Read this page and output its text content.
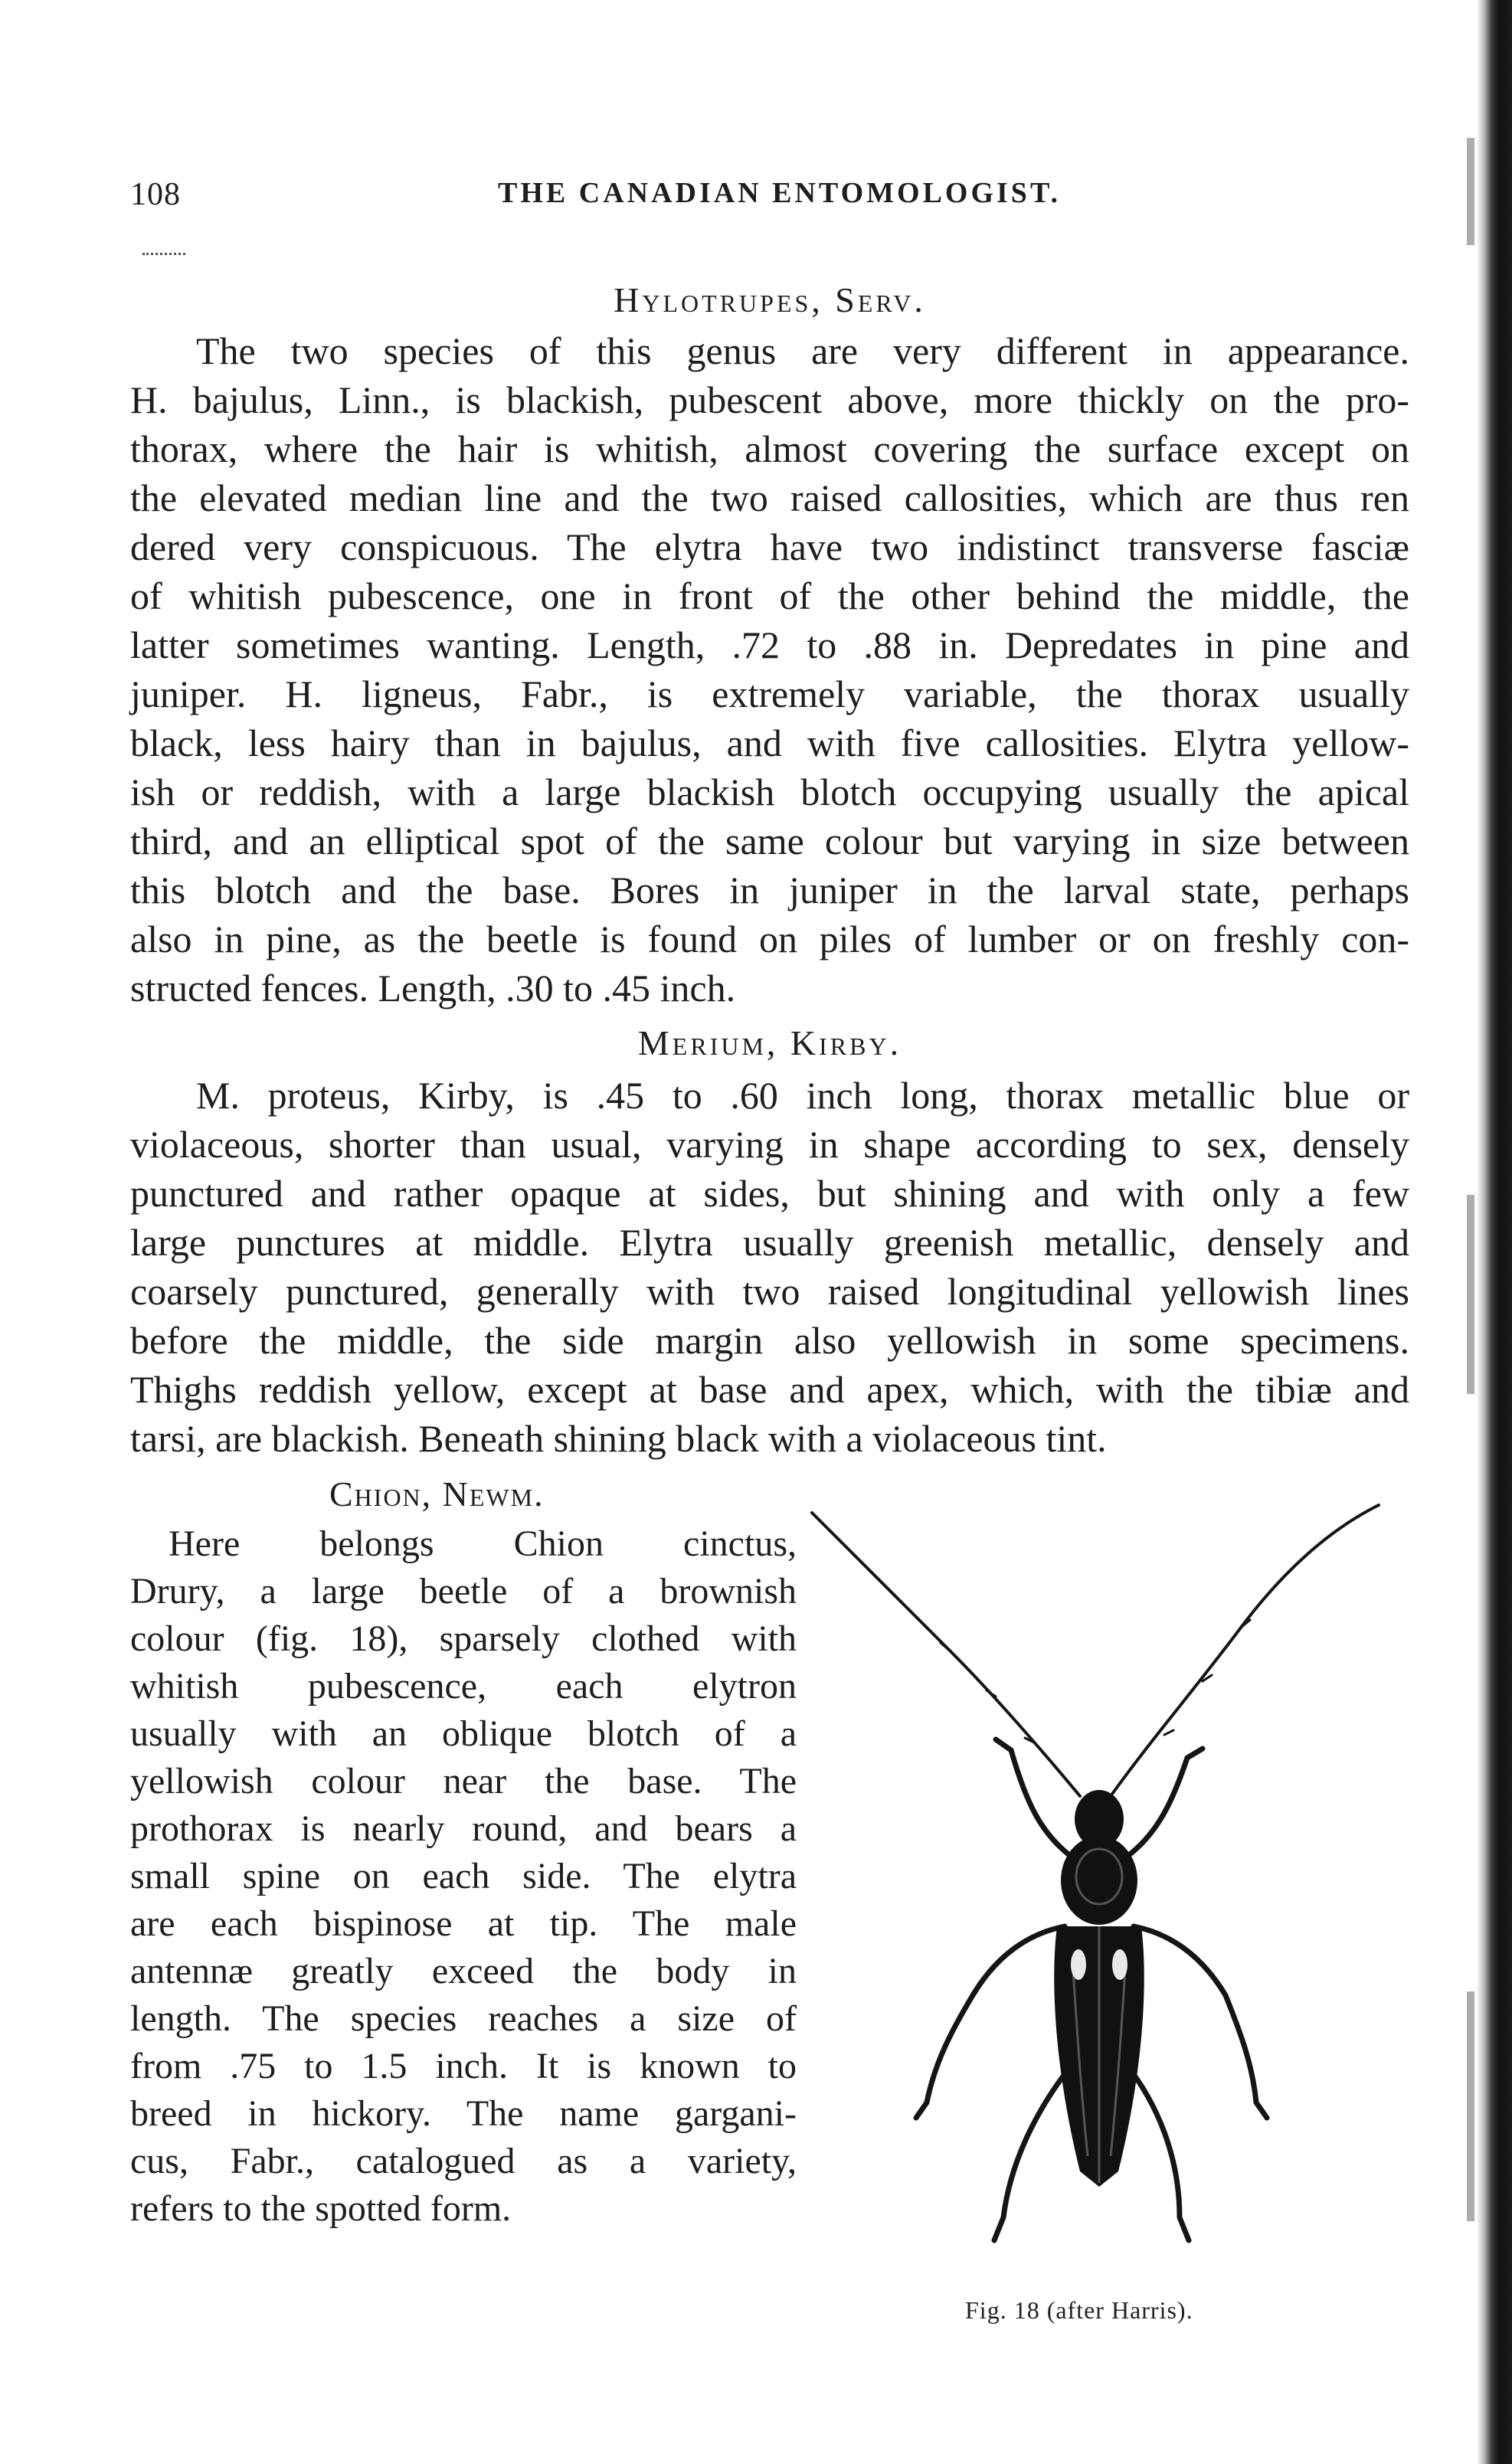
108	THE CANADIAN ENTOMOLOGIST.
Hylotrupes, Serv.
The two species of this genus are very different in appearance.
H. bajulus, Linn., is blackish, pubescent above, more thickly on the pro-
thorax, where the hair is whitish, almost covering the surface except on
the elevated median line and the two raised callosities, which are thus ren
dered very conspicuous. The elytra have two indistinct transverse fasciæ
of whitish pubescence, one in front of the other behind the middle, the
latter sometimes wanting. Length, .72 to .88 in. Depredates in pine and
juniper. H. ligneus, Fabr., is extremely variable, the thorax usually
black, less hairy than in bajulus, and with five callosities. Elytra yellow-
ish or reddish, with a large blackish blotch occupying usually the apical
third, and an elliptical spot of the same colour but varying in size between
this blotch and the base. Bores in juniper in the larval state, perhaps
also in pine, as the beetle is found on piles of lumber or on freshly con-
structed fences. Length, .30 to .45 inch.
Merium, Kirby.
M. proteus, Kirby, is .45 to .60 inch long, thorax metallic blue or
violaceous, shorter than usual, varying in shape according to sex, densely
punctured and rather opaque at sides, but shining and with only a few
large punctures at middle. Elytra usually greenish metallic, densely and
coarsely punctured, generally with two raised longitudinal yellowish lines
before the middle, the side margin also yellowish in some specimens.
Thighs reddish yellow, except at base and apex, which, with the tibiæ and
tarsi, are blackish. Beneath shining black with a violaceous tint.
Chion, Newm.
Here belongs Chion cinctus,
Drury, a large beetle of a brownish
colour (fig. 18), sparsely clothed with
whitish pubescence, each elytron
usually with an oblique blotch of a
yellowish colour near the base. The
prothorax is nearly round, and bears a
small spine on each side. The elytra
are each bispinose at tip. The male
antennæ greatly exceed the body in
length. The species reaches a size of
from .75 to 1.5 inch. It is known to
breed in hickory. The name gargani-
cus, Fabr., catalogued as a variety,
refers to the spotted form.
Fig. 18 (after Harris).
